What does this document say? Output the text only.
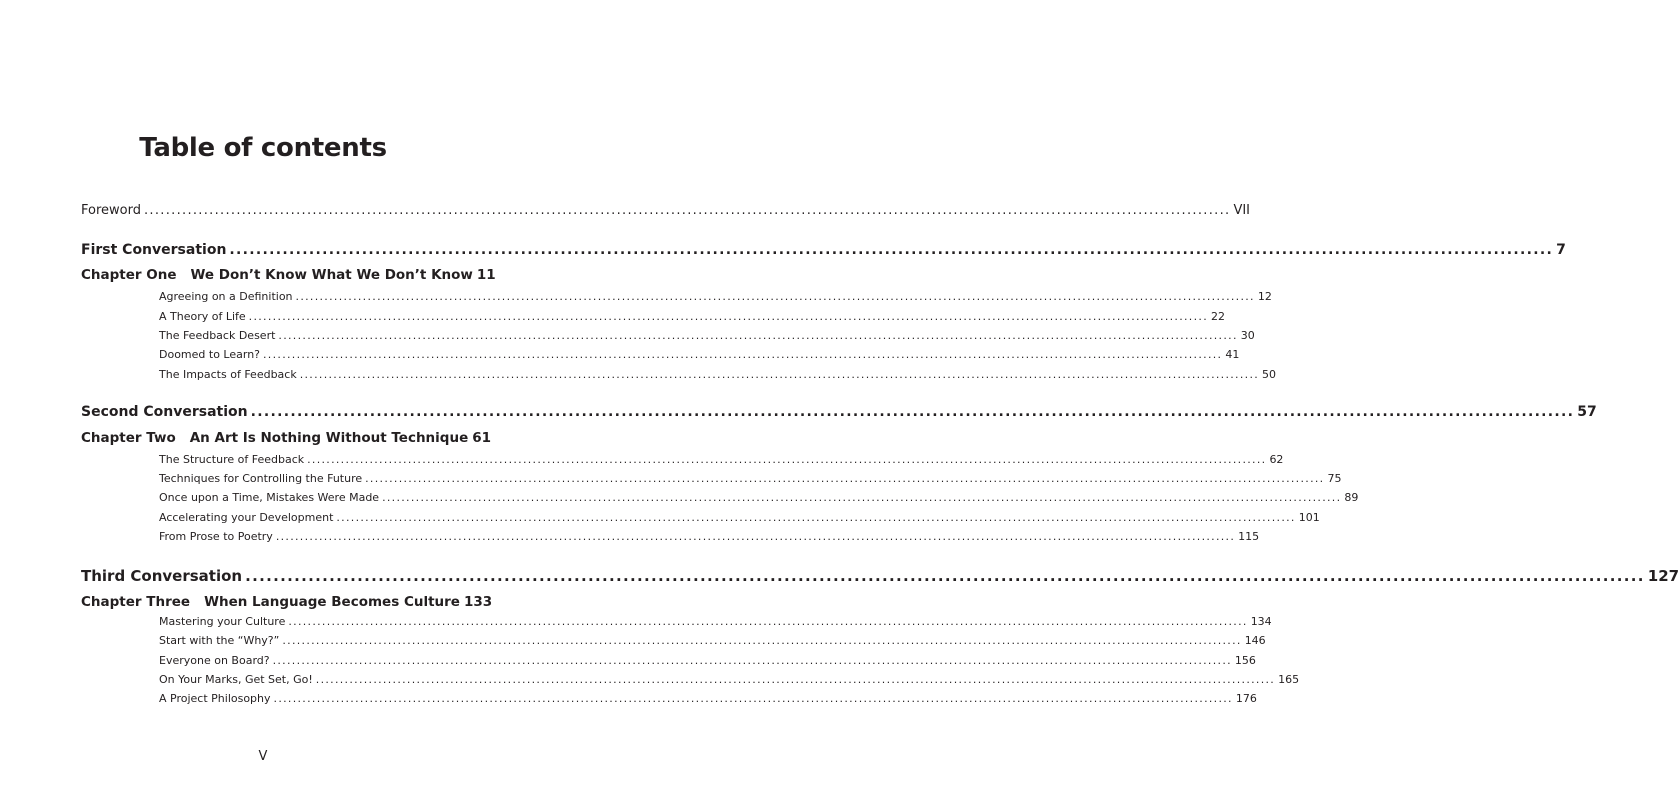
Table of contents
Foreword ........................................................................................................................................................................................................ VII
First Conversation ........................................................................................................................................................................................................ 7
Chapter One We Don’t Know What We Don’t Know 11
Agreeing on a Definition ........................................................................................................................................................................................................ 12
A Theory of Life ........................................................................................................................................................................................................ 22
The Feedback Desert ........................................................................................................................................................................................................ 30
Doomed to Learn? ........................................................................................................................................................................................................ 41
The Impacts of Feedback ........................................................................................................................................................................................................ 50
Second Conversation ........................................................................................................................................................................................................ 57
Chapter Two An Art Is Nothing Without Technique 61
The Structure of Feedback ........................................................................................................................................................................................................ 62
Techniques for Controlling the Future ........................................................................................................................................................................................................ 75
Once upon a Time, Mistakes Were Made ........................................................................................................................................................................................................ 89
Accelerating your Development ........................................................................................................................................................................................................ 101
From Prose to Poetry ........................................................................................................................................................................................................ 115
Third Conversation ........................................................................................................................................................................................................ 127
Chapter Three When Language Becomes Culture 133
Mastering your Culture ........................................................................................................................................................................................................ 134
Start with the “Why?” ........................................................................................................................................................................................................ 146
Everyone on Board? ........................................................................................................................................................................................................ 156
On Your Marks, Get Set, Go! ........................................................................................................................................................................................................ 165
A Project Philosophy ........................................................................................................................................................................................................ 176
V
